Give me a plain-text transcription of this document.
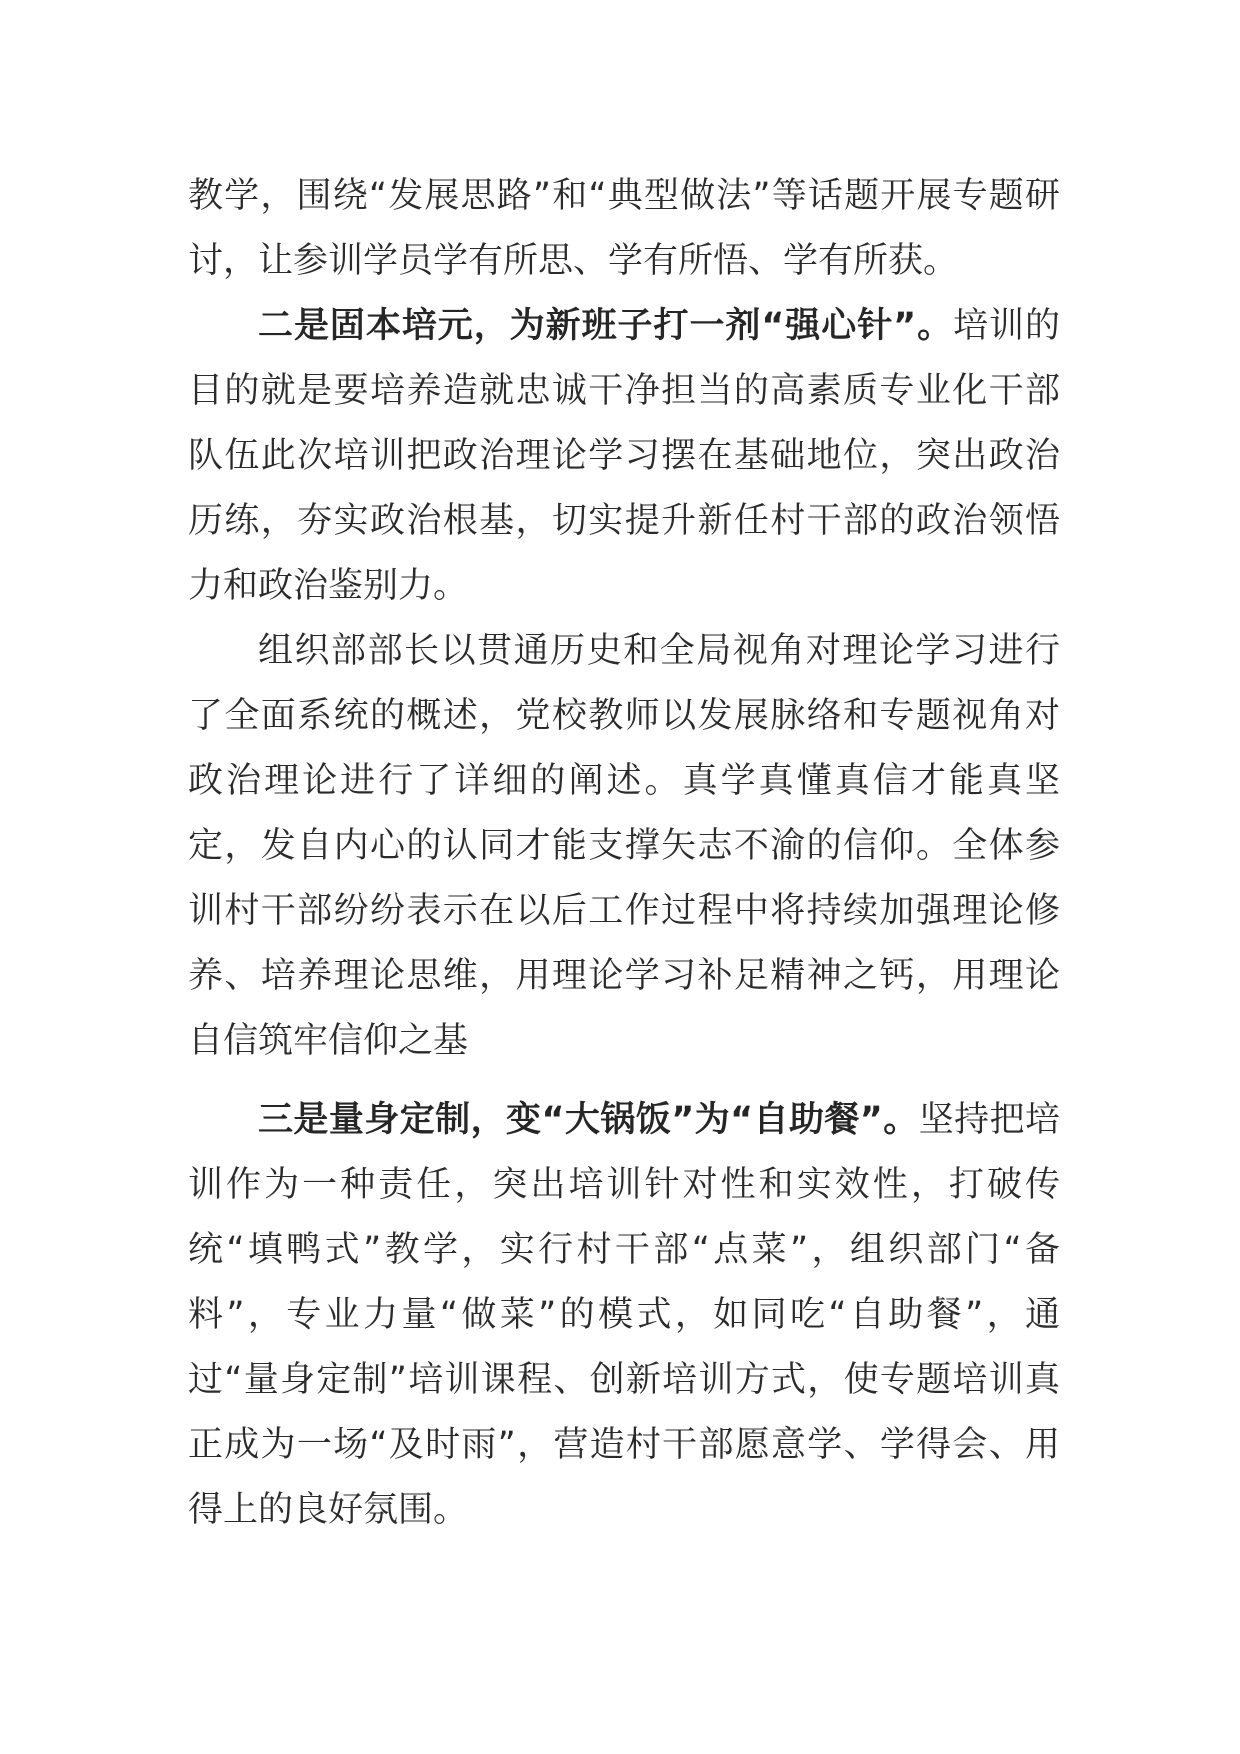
教学，围绕“发展思路”和“典型做法”等话题开展专题研讨，让参训学员学有所思、学有所悟、学有所获。

二是固本培元，为新班子打一剂“强心针”。培训的目的就是要培养造就忠诚干净担当的高素质专业化干部队伍此次培训把政治理论学习摆在基础地位，突出政治历练，夯实政治根基，切实提升新任村干部的政治领悟力和政治鉴别力。

组织部部长以贯通历史和全局视角对理论学习进行了全面系统的概述，党校教师以发展脉络和专题视角对政治理论进行了详细的阐述。真学真懂真信才能真坚定，发自内心的认同才能支撑矢志不渝的信仰。全体参训村干部纷纷表示在以后工作过程中将持续加强理论修养、培养理论思维，用理论学习补足精神之钙，用理论自信筑牢信仰之基

三是量身定制，变“大锅饭”为“自助餐”。坚持把培训作为一种责任，突出培训针对性和实效性，打破传统“填鸭式”教学，实行村干部“点菜”，组织部门“备料”，专业力量“做菜”的模式，如同吃“自助餐”，通过“量身定制”培训课程、创新培训方式，使专题培训真正成为一场“及时雨”，营造村干部愿意学、学得会、用得上的良好氛围。
